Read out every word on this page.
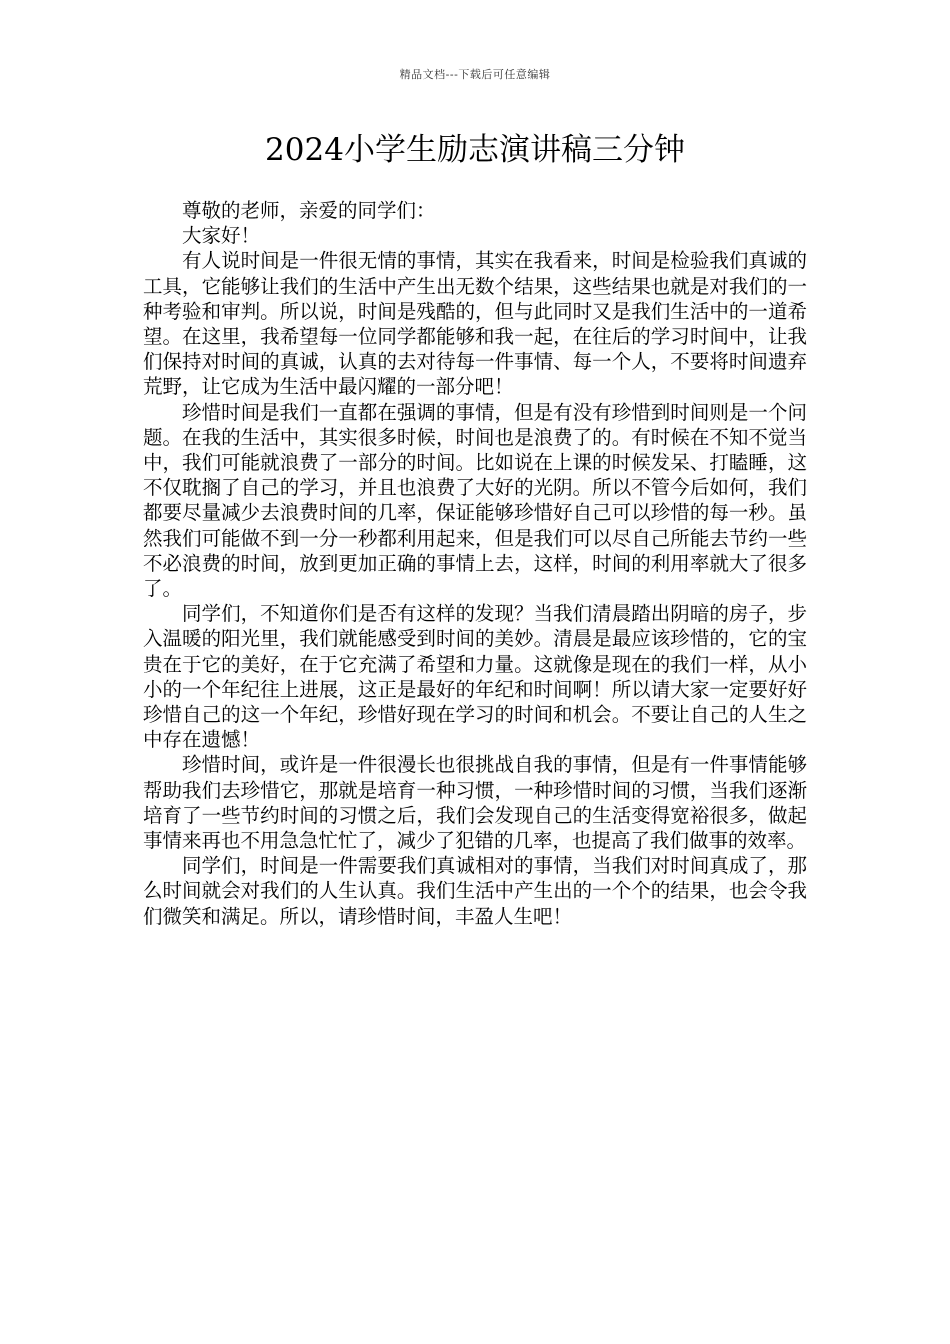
精品文档---下载后可任意编辑
2024小学生励志演讲稿三分钟

尊敬的老师，亲爱的同学们：

大家好！

有人说时间是一件很无情的事情，其实在我看来，时间是检验我们真诚的工具，它能够让我们的生活中产生出无数个结果，这些结果也就是对我们的一种考验和审判。所以说，时间是残酷的，但与此同时又是我们生活中的一道希望。在这里，我希望每一位同学都能够和我一起，在往后的学习时间中，让我们保持对时间的真诚，认真的去对待每一件事情、每一个人，不要将时间遗弃荒野，让它成为生活中最闪耀的一部分吧！

珍惜时间是我们一直都在强调的事情，但是有没有珍惜到时间则是一个问题。在我的生活中，其实很多时候，时间也是浪费了的。有时候在不知不觉当中，我们可能就浪费了一部分的时间。比如说在上课的时候发呆、打瞌睡，这不仅耽搁了自己的学习，并且也浪费了大好的光阴。所以不管今后如何，我们都要尽量减少去浪费时间的几率，保证能够珍惜好自己可以珍惜的每一秒。虽然我们可能做不到一分一秒都利用起来，但是我们可以尽自己所能去节约一些不必浪费的时间，放到更加正确的事情上去，这样，时间的利用率就大了很多了。

同学们，不知道你们是否有这样的发现？当我们清晨踏出阴暗的房子，步入温暖的阳光里，我们就能感受到时间的美妙。清晨是最应该珍惜的，它的宝贵在于它的美好，在于它充满了希望和力量。这就像是现在的我们一样，从小小的一个年纪往上进展，这正是最好的年纪和时间啊！所以请大家一定要好好珍惜自己的这一个年纪，珍惜好现在学习的时间和机会。不要让自己的人生之中存在遗憾！

珍惜时间，或许是一件很漫长也很挑战自我的事情，但是有一件事情能够帮助我们去珍惜它，那就是培育一种习惯，一种珍惜时间的习惯，当我们逐渐培育了一些节约时间的习惯之后，我们会发现自己的生活变得宽裕很多，做起事情来再也不用急急忙忙了，减少了犯错的几率，也提高了我们做事的效率。

同学们，时间是一件需要我们真诚相对的事情，当我们对时间真成了，那么时间就会对我们的人生认真。我们生活中产生出的一个个的结果，也会令我们微笑和满足。所以，请珍惜时间，丰盈人生吧！
